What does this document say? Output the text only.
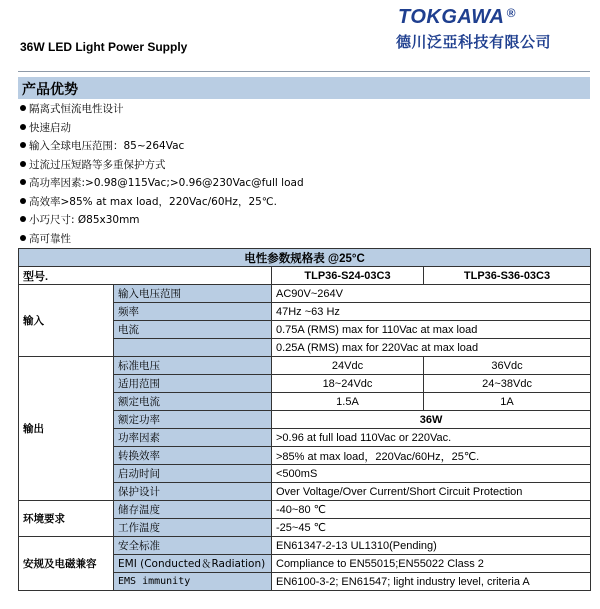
TOKGAWA ®
德川泛亞科技有限公司
36W LED Light Power Supply
产品优势
隔离式恒流电性设计
快速启动
输入全球电压范围：85~264Vac
过流过压短路等多重保护方式
高功率因素:>0.98@115Vac;>0.96@230Vac@full load
高效率>85% at max load，220Vac/60Hz，25℃.
小巧尺寸: Ø85x30mm
高可靠性
电性参数规格表 @25°C			
型号.		TLP36-S24-03C3	TLP36-S36-03C3
输入	输入电压范围	AC90V~264V	
	频率	47Hz ~63 Hz	
	电流	0.75A (RMS) max for 110Vac at max load	
		0.25A (RMS) max for 220Vac at max load	
输出	标准电压	24Vdc	36Vdc
	适用范围	18~24Vdc	24~38Vdc
	额定电流	1.5A	1A
	额定功率	36W	
	功率因素	>0.96 at full load 110Vac or 220Vac.	
	转换效率	>85% at max load，220Vac/60Hz，25℃.	
	启动时间	<500mS	
	保护设计	Over Voltage/Over Current/Short Circuit Protection	
环境要求	储存温度	-40~80 ℃	
	工作温度	-25~45 ℃	
安规及电磁兼容	安全标准	EN61347-2-13 UL1310(Pending)	
	EMI (Conducted＆Radiation)	Compliance to EN55015;EN55022 Class 2	
	EMS immunity	EN6100-3-2; EN61547; light industry level, criteria A	
